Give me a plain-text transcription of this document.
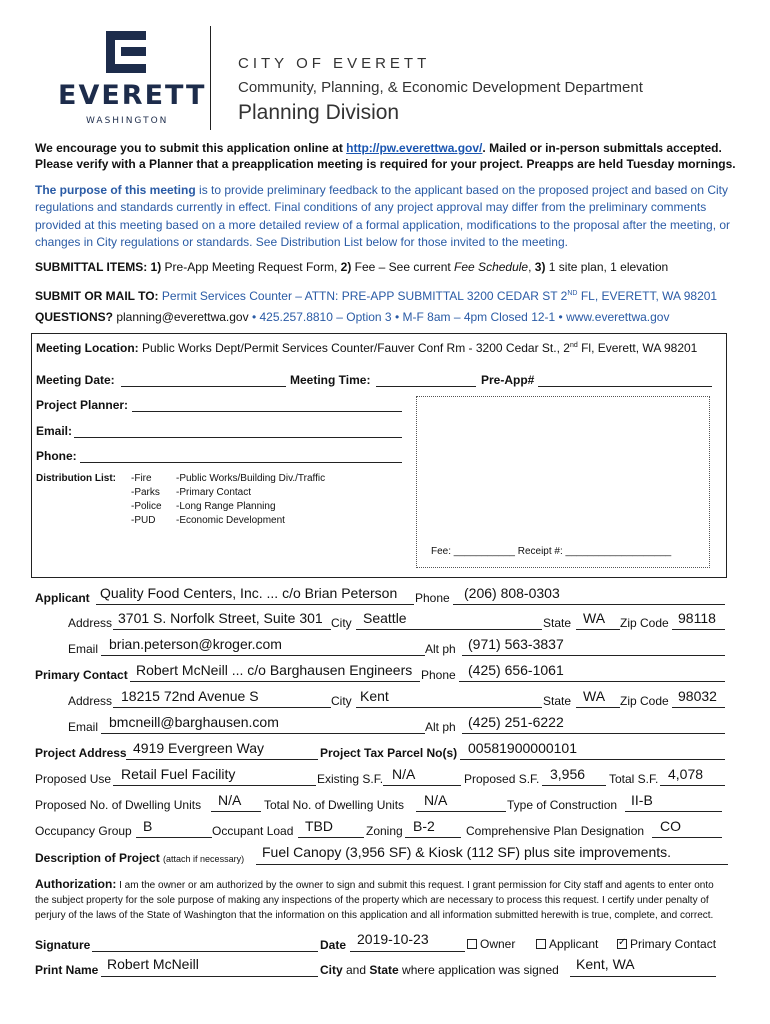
EVERETT
WASHINGTON
CITY OF EVERETT
Community, Planning, & Economic Development Department
Planning Division
We encourage you to submit this application online at http://pw.everettwa.gov/. Mailed or in-person submittals accepted.
Please verify with a Planner that a preapplication meeting is required for your project. Preapps are held Tuesday mornings.
The purpose of this meeting is to provide preliminary feedback to the applicant based on the proposed project and based on City regulations and standards currently in effect. Final conditions of any project approval may differ from the preliminary comments provided at this meeting based on a more detailed review of a formal application, modifications to the proposal after the meeting, or changes in City regulations or standards. See Distribution List below for those invited to the meeting.
SUBMITTAL ITEMS: 1) Pre-App Meeting Request Form, 2) Fee – See current Fee Schedule, 3) 1 site plan, 1 elevation
SUBMIT OR MAIL TO: Permit Services Counter – ATTN: PRE-APP SUBMITTAL 3200 CEDAR ST 2ND FL, EVERETT, WA 98201
QUESTIONS? planning@everettwa.gov • 425.257.8810 – Option 3 • M-F 8am – 4pm Closed 12-1 • www.everettwa.gov
Meeting Location: Public Works Dept/Permit Services Counter/Fauver Conf Rm - 3200 Cedar St., 2nd Fl, Everett, WA 98201
Meeting Date:	Meeting Time:	Pre-App#
Project Planner:
Email:
Phone:
Distribution List: -Fire
-Parks
-Police
-PUD
-Public Works/Building Div./Traffic
-Primary Contact
-Long Range Planning
-Economic Development
Fee: ___________ Receipt #: ___________________
Applicant Quality Food Centers, Inc. ... c/o Brian Peterson Phone (206) 808-0303
Address 3701 S. Norfolk Street, Suite 301 City Seattle	State WA Zip Code 98118
Email brian.peterson@kroger.com	Alt ph (971) 563-3837
Primary Contact Robert McNeill ... c/o Barghausen Engineers Phone (425) 656-1061
Address 18215 72nd Avenue S	City Kent	State WA Zip Code 98032
Email bmcneill@barghausen.com	Alt ph (425) 251-6222
Project Address 4919 Evergreen Way	Project Tax Parcel No(s) 00581900000101
Proposed Use Retail Fuel Facility	Existing S.F. N/A	Proposed S.F. 3,956 Total S.F. 4,078
Proposed No. of Dwelling Units N/A Total No. of Dwelling Units N/A	Type of Construction II-B
Occupancy Group B	Occupant Load TBD	Zoning B-2	Comprehensive Plan Designation CO
Description of Project (attach if necessary) Fuel Canopy (3,956 SF) & Kiosk (112 SF) plus site improvements.
Authorization: I am the owner or am authorized by the owner to sign and submit this request. I grant permission for City staff and agents to enter onto the subject property for the sole purpose of making any inspections of the property which are necessary to process this request. I certify under penalty of perjury of the laws of the State of Washington that the information on this application and all information submitted herewith is true, complete, and correct.
Signature	Date 2019-10-23	Owner	Applicant
✓	Primary Contact
Print Name Robert McNeill	City and State where application was signed Kent, WA
